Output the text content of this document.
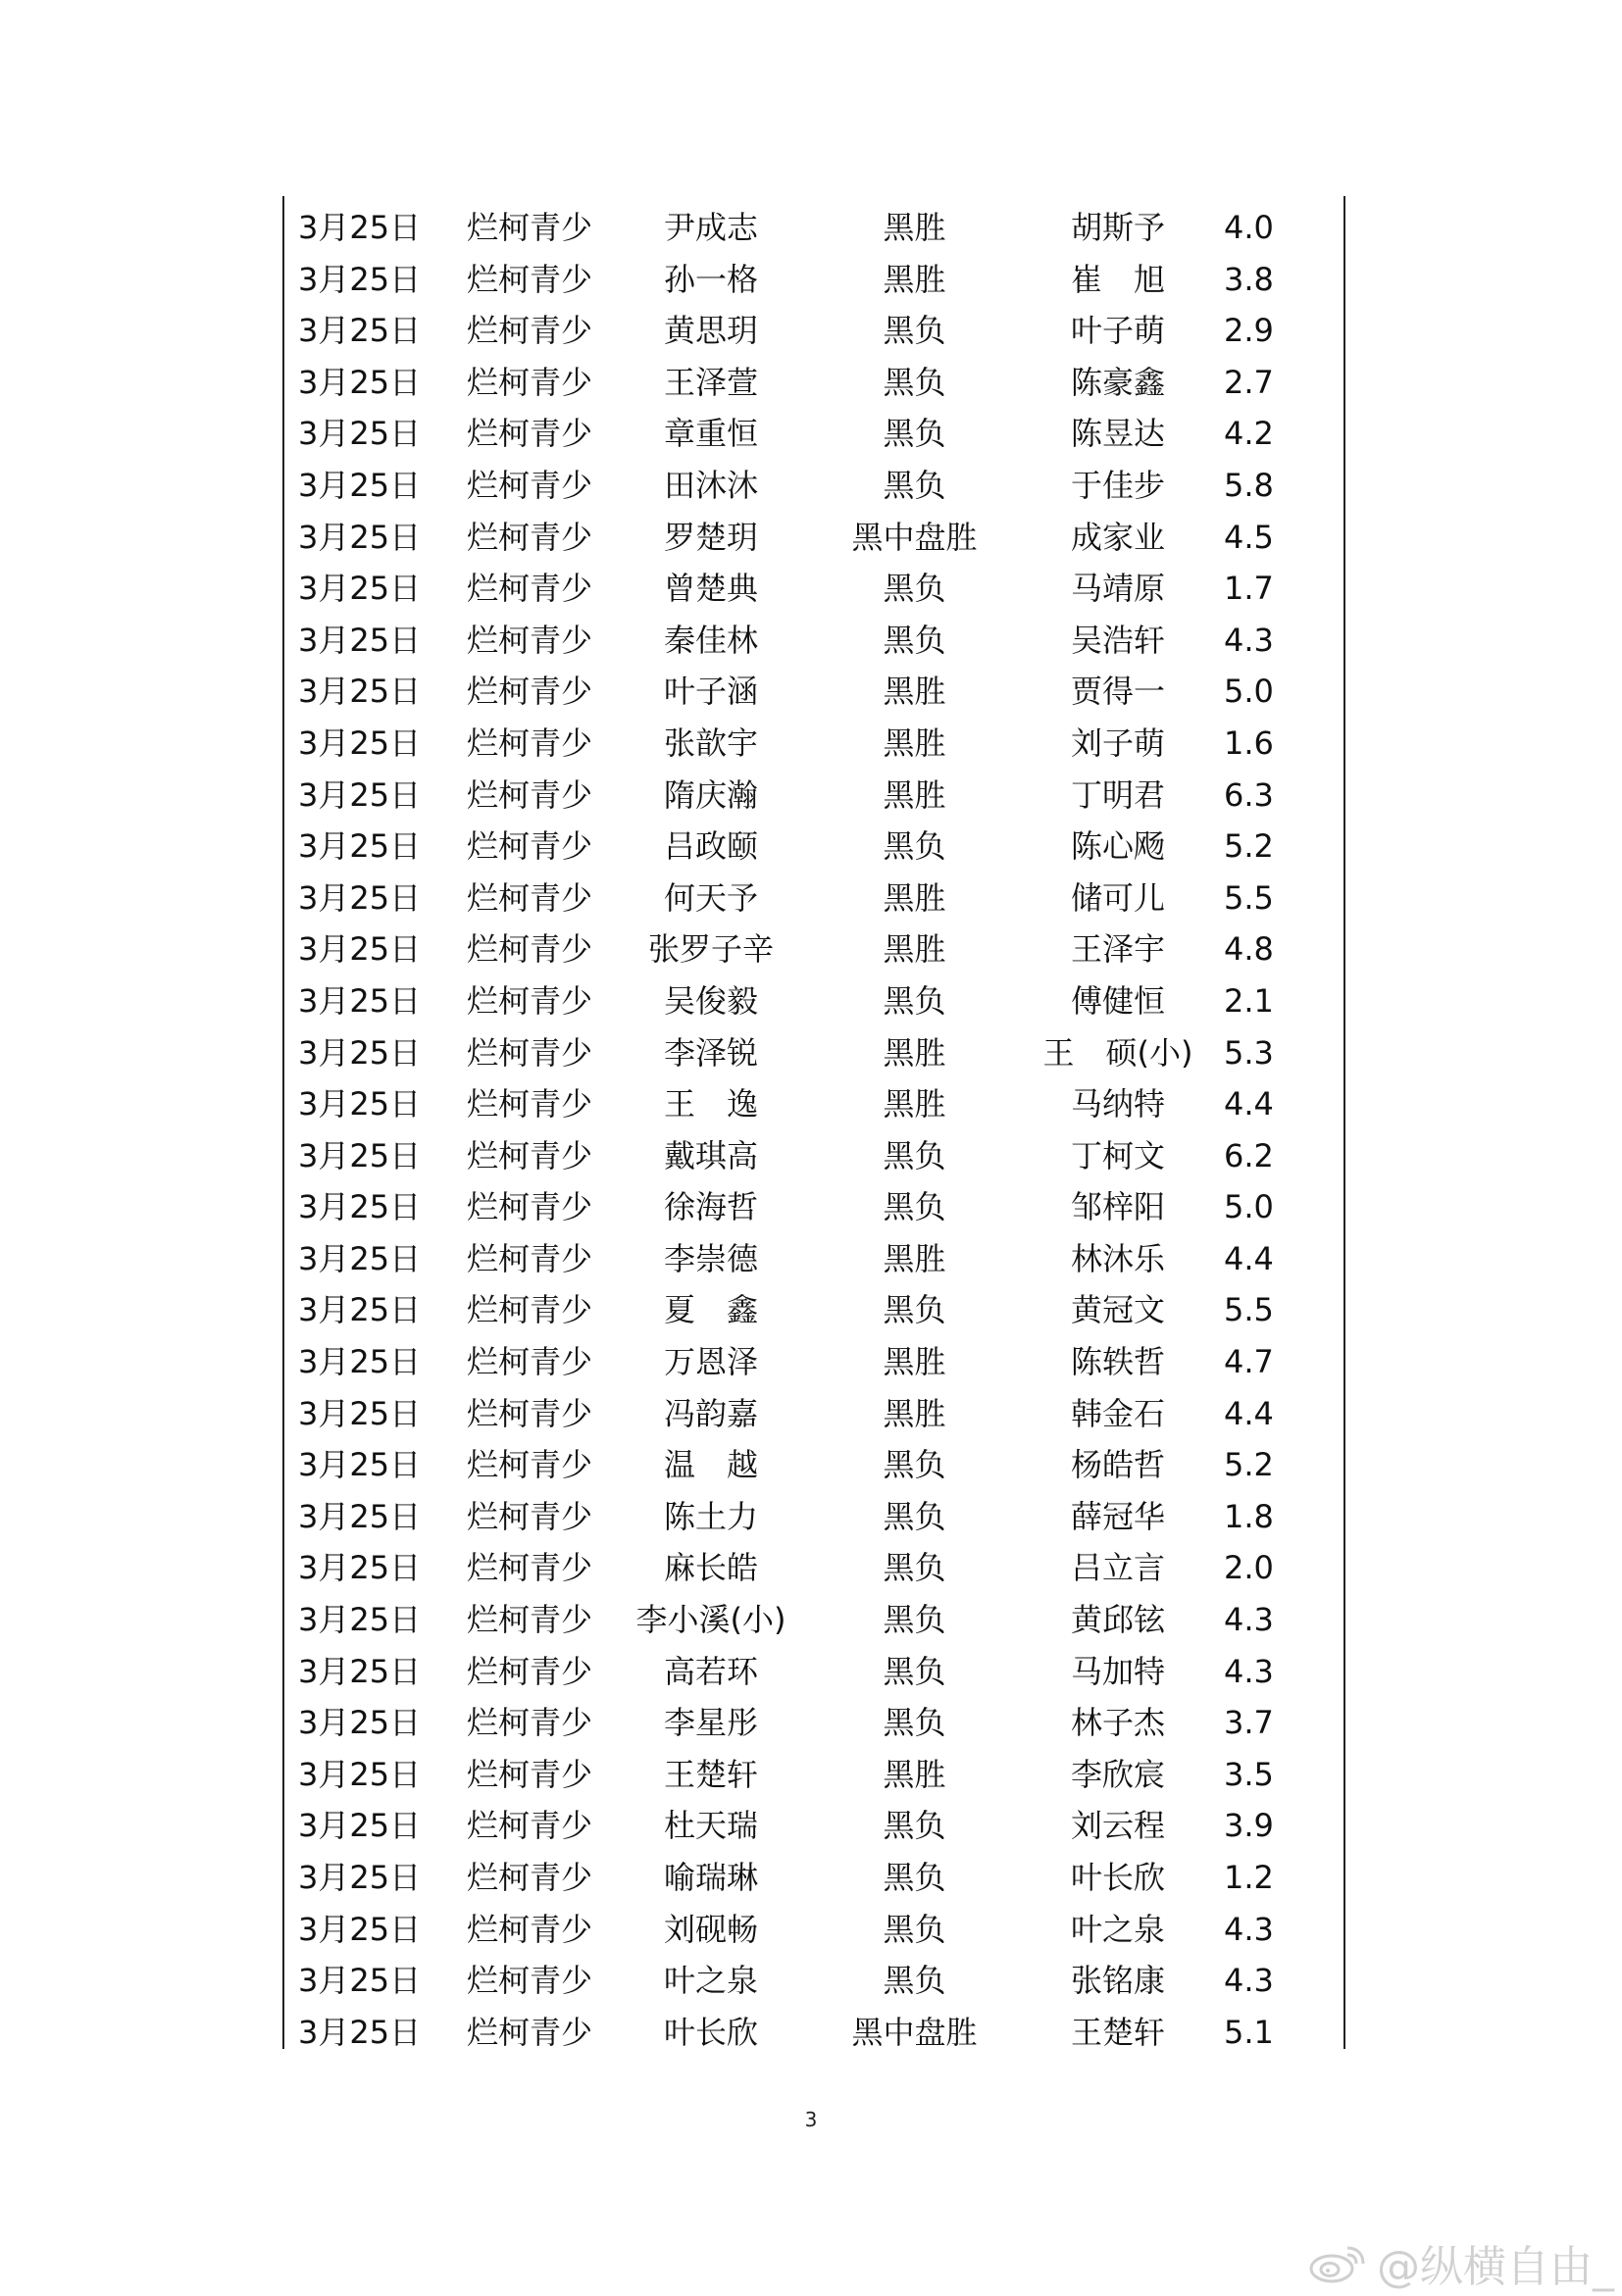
3月25日	烂柯青少	尹成志	黑胜	胡斯予	4.0
3月25日	烂柯青少	孙一格	黑胜	崔　旭	3.8
3月25日	烂柯青少	黄思玥	黑负	叶子萌	2.9
3月25日	烂柯青少	王泽萱	黑负	陈豪鑫	2.7
3月25日	烂柯青少	章重恒	黑负	陈昱达	4.2
3月25日	烂柯青少	田沐沐	黑负	于佳步	5.8
3月25日	烂柯青少	罗楚玥	黑中盘胜	成家业	4.5
3月25日	烂柯青少	曾楚典	黑负	马靖原	1.7
3月25日	烂柯青少	秦佳林	黑负	吴浩轩	4.3
3月25日	烂柯青少	叶子涵	黑胜	贾得一	5.0
3月25日	烂柯青少	张歆宇	黑胜	刘子萌	1.6
3月25日	烂柯青少	隋庆瀚	黑胜	丁明君	6.3
3月25日	烂柯青少	吕政颐	黑负	陈心飏	5.2
3月25日	烂柯青少	何天予	黑胜	储可儿	5.5
3月25日	烂柯青少	张罗子辛	黑胜	王泽宇	4.8
3月25日	烂柯青少	吴俊毅	黑负	傅健恒	2.1
3月25日	烂柯青少	李泽锐	黑胜	王　硕(小)	5.3
3月25日	烂柯青少	王　逸	黑胜	马纳特	4.4
3月25日	烂柯青少	戴琪高	黑负	丁柯文	6.2
3月25日	烂柯青少	徐海哲	黑负	邹梓阳	5.0
3月25日	烂柯青少	李崇德	黑胜	林沐乐	4.4
3月25日	烂柯青少	夏　鑫	黑负	黄冠文	5.5
3月25日	烂柯青少	万恩泽	黑胜	陈轶哲	4.7
3月25日	烂柯青少	冯韵嘉	黑胜	韩金石	4.4
3月25日	烂柯青少	温　越	黑负	杨皓哲	5.2
3月25日	烂柯青少	陈土力	黑负	薛冠华	1.8
3月25日	烂柯青少	麻长皓	黑负	吕立言	2.0
3月25日	烂柯青少	李小溪(小)	黑负	黄邱铉	4.3
3月25日	烂柯青少	高若环	黑负	马加特	4.3
3月25日	烂柯青少	李星彤	黑负	林子杰	3.7
3月25日	烂柯青少	王楚轩	黑胜	李欣宸	3.5
3月25日	烂柯青少	杜天瑞	黑负	刘云程	3.9
3月25日	烂柯青少	喻瑞琳	黑负	叶长欣	1.2
3月25日	烂柯青少	刘砚畅	黑负	叶之泉	4.3
3月25日	烂柯青少	叶之泉	黑负	张铭康	4.3
3月25日	烂柯青少	叶长欣	黑中盘胜	王楚轩	5.1
3
@纵横自由_
